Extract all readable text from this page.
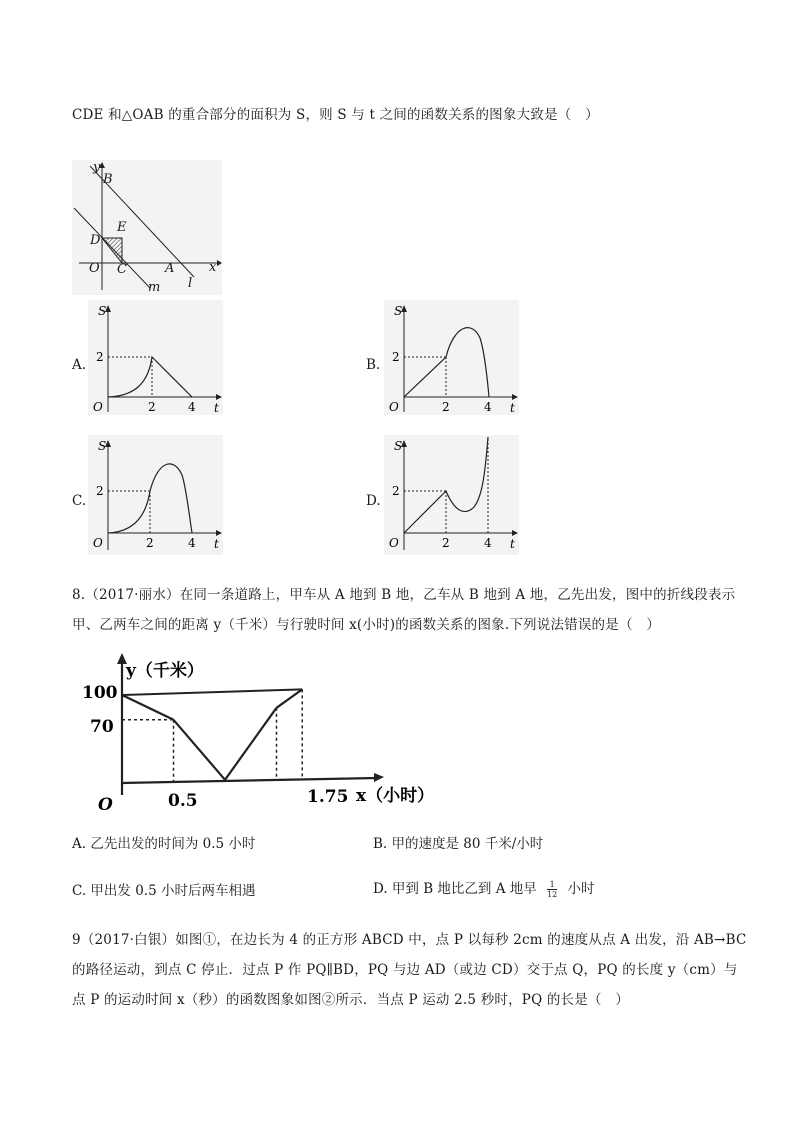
CDE 和△OAB 的重合部分的面积为 S，则 S 与 t 之间的函数关系的图象大致是（　）
y
B
E
D
O C	A	x
m l
A.
S
t
O
2
2	4
B.
S
t
O
2
2	4
C.
S
t
O
2
2	4
D.
S
t
O
2
2	4
8.（2017·丽水）在同一条道路上，甲车从 A 地到 B 地，乙车从 B 地到 A 地，乙先出发，图中的折线段表示
甲、乙两车之间的距离 y（千米）与行驶时间 x(小时)的函数关系的图象.下列说法错误的是（　）
y（千米）
100
70
O	0.5	1.75 x（小时）
A. 乙先出发的时间为 0.5 小时	B. 甲的速度是 80 千米/小时
C. 甲出发 0.5 小时后两车相遇	D. 甲到 B 地比乙到 A 地早 $\frac{1}{12}$ 小时
9（2017·白银）如图①，在边长为 4 的正方形 ABCD 中，点 P 以每秒 2cm 的速度从点 A 出发，沿 AB→BC
的路径运动，到点 C 停止．过点 P 作 PQ∥BD，PQ 与边 AD（或边 CD）交于点 Q，PQ 的长度 y（cm）与
点 P 的运动时间 x（秒）的函数图象如图②所示．当点 P 运动 2.5 秒时，PQ 的长是（　）
